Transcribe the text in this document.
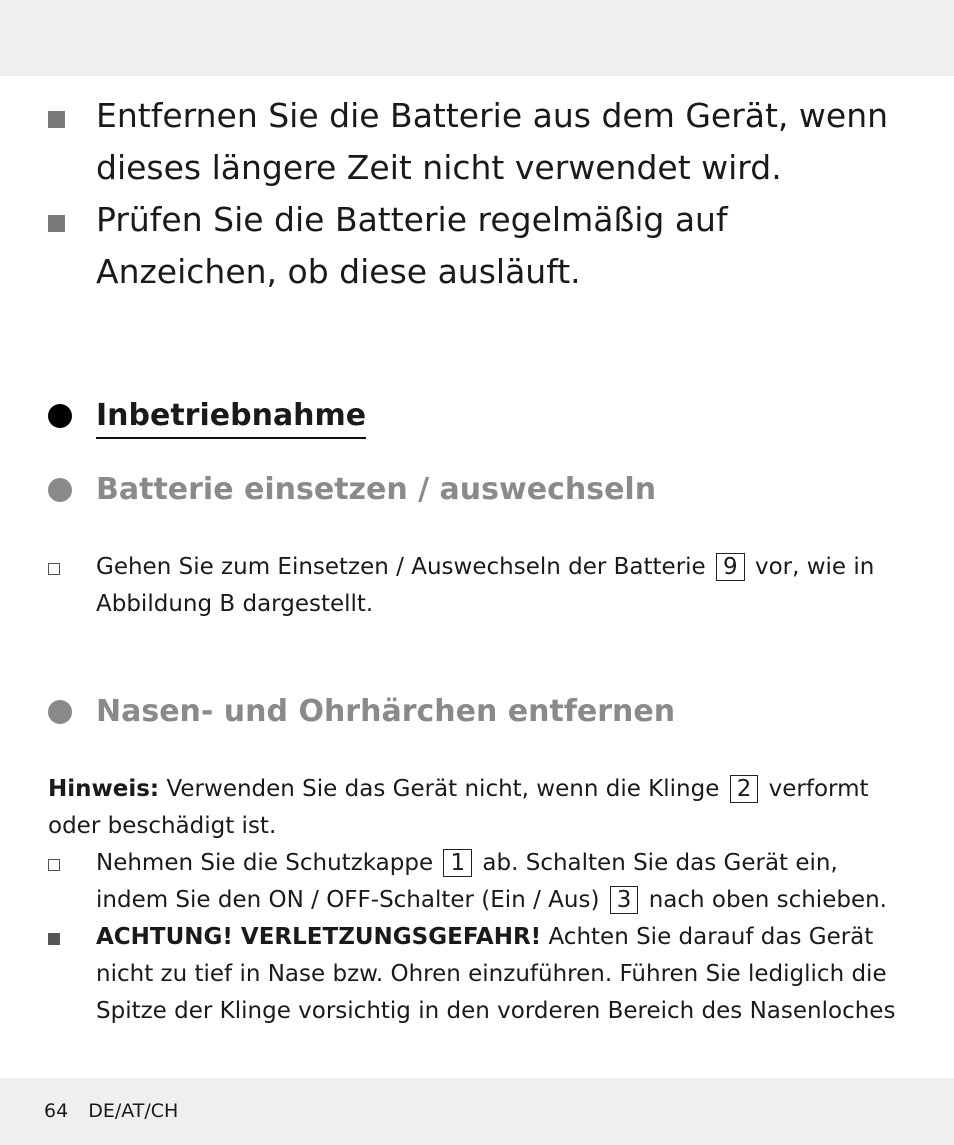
Entfernen Sie die Batterie aus dem Gerät, wenn dieses längere Zeit nicht verwendet wird.
Prüfen Sie die Batterie regelmäßig auf Anzeichen, ob diese ausläuft.
Inbetriebnahme
Batterie einsetzen / auswechseln
Gehen Sie zum Einsetzen / Auswechseln der Batterie 9 vor, wie in Abbildung B dargestellt.
Nasen- und Ohrhärchen entfernen
Hinweis: Verwenden Sie das Gerät nicht, wenn die Klinge 2 verformt oder beschädigt ist.
Nehmen Sie die Schutzkappe 1 ab. Schalten Sie das Gerät ein, indem Sie den ON / OFF-Schalter (Ein / Aus) 3 nach oben schieben.
ACHTUNG! VERLETZUNGSGEFAHR! Achten Sie darauf das Gerät nicht zu tief in Nase bzw. Ohren einzuführen. Führen Sie lediglich die Spitze der Klinge vorsichtig in den vorderen Bereich des Nasenloches
64 DE/AT/CH
